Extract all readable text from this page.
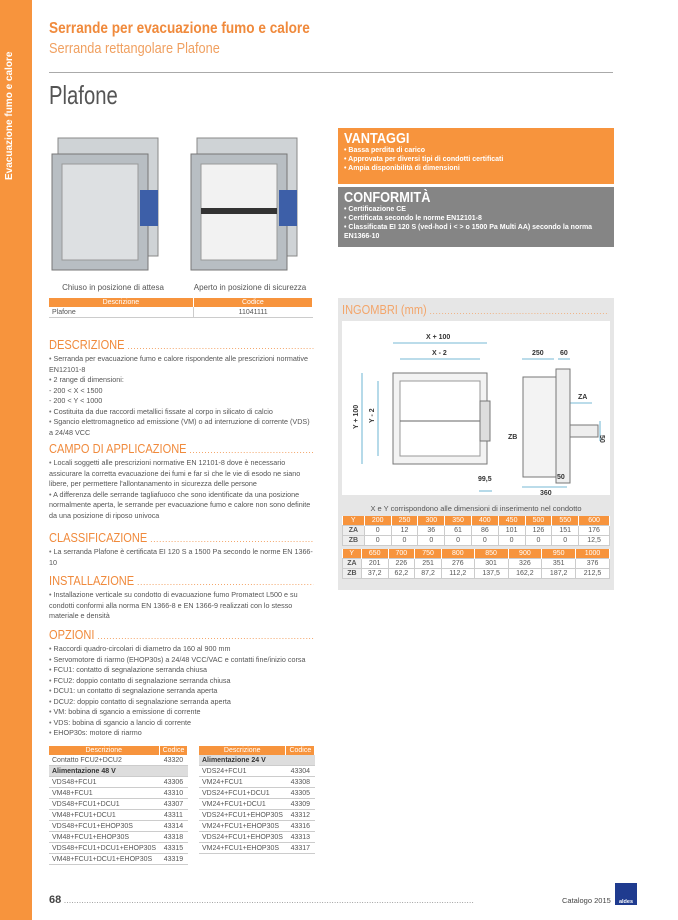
Evacuazione fumo e calore
Serrande per evacuazione fumo e calore
Serranda rettangolare Plafone
Plafone
Chiuso in posizione di attesa	Aperto in posizione di sicurezza
Descrizione	Codice
Plafone	11041111
DESCRIZIONE .....
• Serranda per evacuazione fumo e calore rispondente alle prescrizioni normative EN12101-8
• 2 range di dimensioni:
- 200 < X < 1500
- 200 < Y < 1000
• Costituita da due raccordi metallici fissate al corpo in silicato di calcio
• Sgancio elettromagnetico ad emissione (VM) o ad interruzione di corrente (VDS) a 24/48 VCC
CAMPO DI APPLICAZIONE .....
• Locali soggetti alle prescrizioni normative EN 12101-8 dove è necessario assicurare la corretta evacuazione dei fumi e far sì che le vie di esodo ne siano libere, per permettere l'allontanamento in sicurezza delle persone
• A differenza delle serrande tagliafuoco che sono identificate da una posizione normalmente aperta, le serrande per evacuazione fumo e calore non sono definite da una posizione di riposo univoca
CLASSIFICAZIONE .....
• La serranda Plafone è certificata EI 120 S a 1500 Pa secondo le norme EN 1366-10
INSTALLAZIONE .....
• Installazione verticale su condotto di evacuazione fumo Promatect L500 e su condotti conformi alla norma EN 1366-8 e EN 1366-9 realizzati con lo stesso materiale e densità
OPZIONI .....
• Raccordi quadro-circolari di diametro da 160 al 900 mm
• Servomotore di riarmo (EHOP30s) a 24/48 VCC/VAC e contatti fine/inizio corsa
• FCU1: contatto di segnalazione serranda chiusa
• FCU2: doppio contatto di segnalazione serranda chiusa
• DCU1: un contatto di segnalazione serranda aperta
• DCU2: doppio contatto di segnalazione serranda aperta
• VM: bobina di sgancio a emissione di corrente
• VDS: bobina di sgancio a lancio di corrente
• EHOP30s: motore di riarmo
Descrizione	Codice
Contatto FCU2+DCU2	43320
Alimentazione 48 V	
VDS48+FCU1	43306
VM48+FCU1	43310
VDS48+FCU1+DCU1	43307
VM48+FCU1+DCU1	43311
VDS48+FCU1+EHOP30S	43314
VM48+FCU1+EHOP30S	43318
VDS48+FCU1+DCU1+EHOP30S	43315
VM48+FCU1+DCU1+EHOP30S	43319
Descrizione	Codice
Alimentazione 24 V	
VDS24+FCU1	43304
VM24+FCU1	43308
VDS24+FCU1+DCU1	43305
VM24+FCU1+DCU1	43309
VDS24+FCU1+EHOP30S	43312
VM24+FCU1+EHOP30S	43316
VDS24+FCU1+EHOP30S	43313
VM24+FCU1+EHOP30S	43317
VANTAGGI
• Bassa perdita di carico
• Approvata per diversi tipi di condotti certificati
• Ampia disponibilità di dimensioni
CONFORMITÀ
• Certificazione CE
• Certificata secondo le norme EN12101-8
• Classificata EI 120 S (ved-hod i < > o 1500 Pa Multi AA) secondo la norma EN1366-10
INGOMBRI (mm) .....
X + 100
X - 2
Y + 100 Y - 2
99,5
250 60
ZA
ZB	50
50
360
X e Y corrispondono alle dimensioni di inserimento nel condotto
Y	200	250	300	350	400	450	500	550	600
ZA	0	12	36	61	86	101	126	151	176
ZB	0	0	0	0	0	0	0	0	12,5
Y	650	700	750	800	850	900	950	1000
ZA	201	226	251	276	301	326	351	376
ZB	37,2	62,2	87,2	112,2	137,5	162,2	187,2	212,5
68 ....................................................................................................................................................................	Catalogo 2015 aldes
